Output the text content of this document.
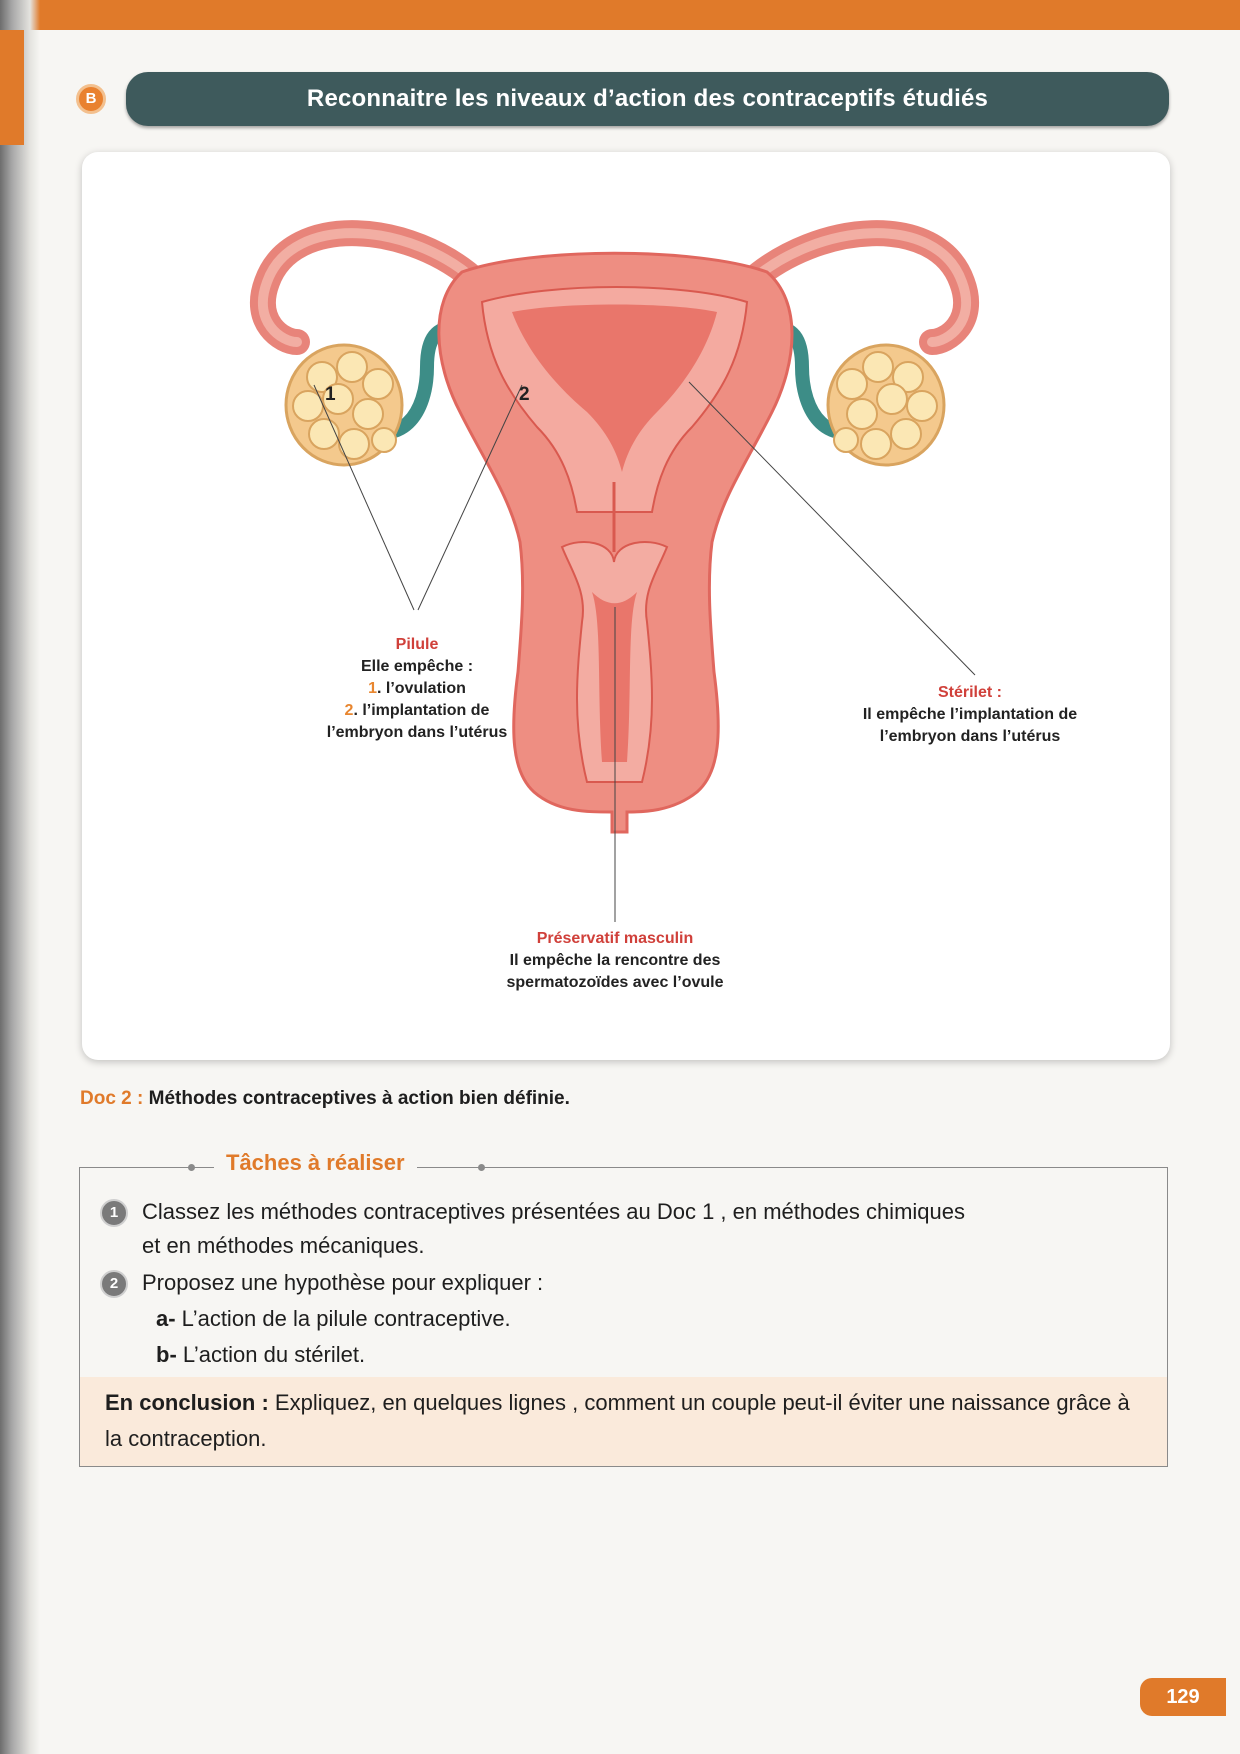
B	Reconnaitre les niveaux d’action des contraceptifs étudiés
1	2
Pilule
Elle empêche :
1. l’ovulation
2. l’implantation de
l’embryon dans l’utérus
Stérilet :
Il empêche l’implantation de
l’embryon dans l’utérus
Préservatif masculin
Il empêche la rencontre des
spermatozoïdes avec l’ovule
Doc 2 : Méthodes contraceptives à action bien définie.
Tâches à réaliser
1 Classez les méthodes contraceptives présentées au Doc 1 , en méthodes chimiques
et en méthodes mécaniques.
2 Proposez une hypothèse pour expliquer :
a- L’action de la pilule contraceptive.
b- L’action du stérilet.
En conclusion : Expliquez, en quelques lignes , comment un couple peut-il éviter une naissance grâce à la contraception.
129
